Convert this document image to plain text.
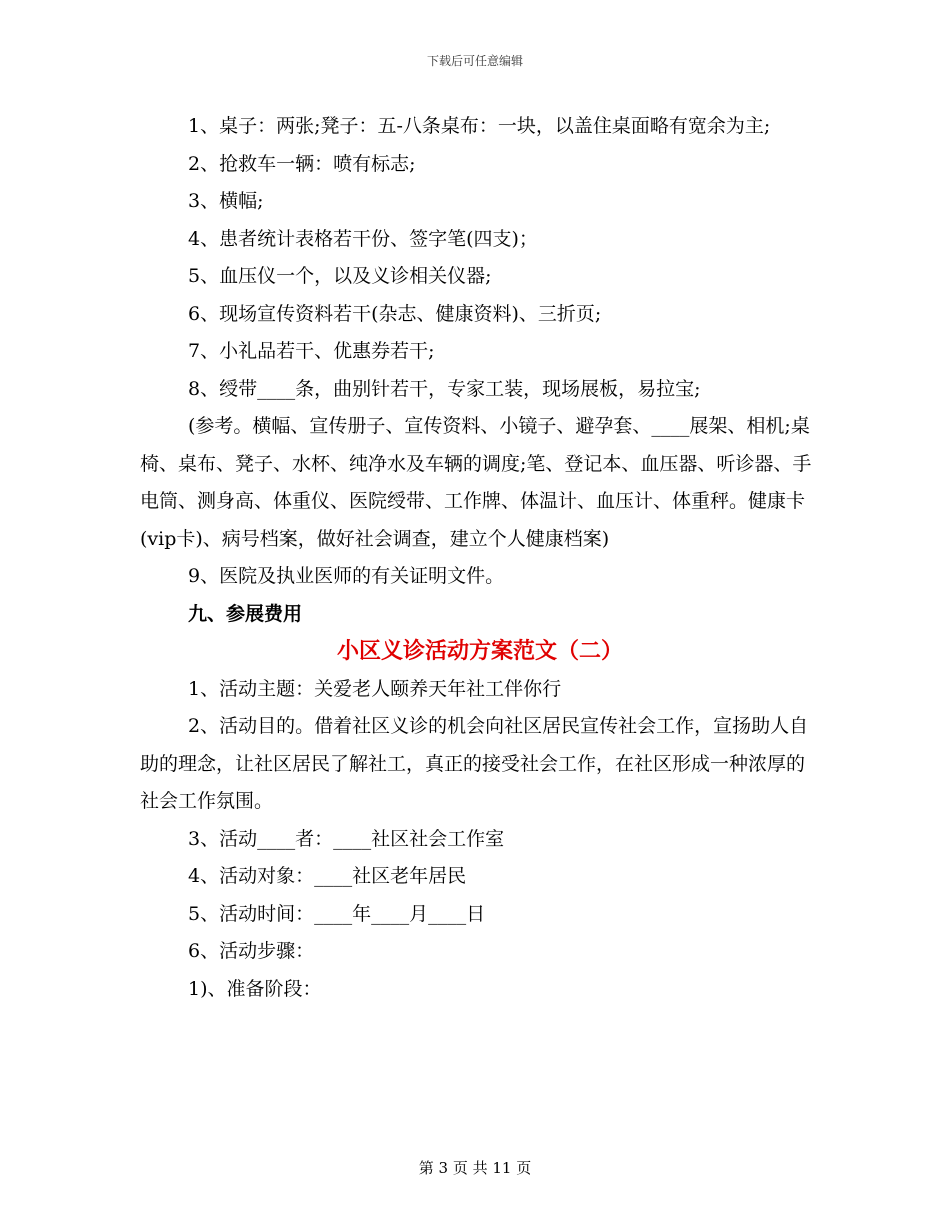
下载后可任意编辑

1、桌子：两张;凳子：五-八条桌布：一块，以盖住桌面略有宽余为主;

2、抢救车一辆：喷有标志;

3、横幅;

4、患者统计表格若干份、签字笔(四支)；

5、血压仪一个，以及义诊相关仪器;

6、现场宣传资料若干(杂志、健康资料)、三折页;

7、小礼品若干、优惠券若干;

8、绶带____条，曲别针若干，专家工装，现场展板，易拉宝;

(参考。横幅、宣传册子、宣传资料、小镜子、避孕套、____展架、相机;桌椅、桌布、凳子、水杯、纯净水及车辆的调度;笔、登记本、血压器、听诊器、手电筒、测身高、体重仪、医院绶带、工作牌、体温计、血压计、体重秤。健康卡(vip卡)、病号档案，做好社会调查，建立个人健康档案)

9、医院及执业医师的有关证明文件。

九、参展费用

小区义诊活动方案范文（二）

1、活动主题：关爱老人颐养天年社工伴你行

2、活动目的。借着社区义诊的机会向社区居民宣传社会工作，宣扬助人自助的理念，让社区居民了解社工，真正的接受社会工作，在社区形成一种浓厚的社会工作氛围。

3、活动____者：____社区社会工作室

4、活动对象：____社区老年居民

5、活动时间：____年____月____日

6、活动步骤：

1)、准备阶段：

第 3 页 共 11 页
